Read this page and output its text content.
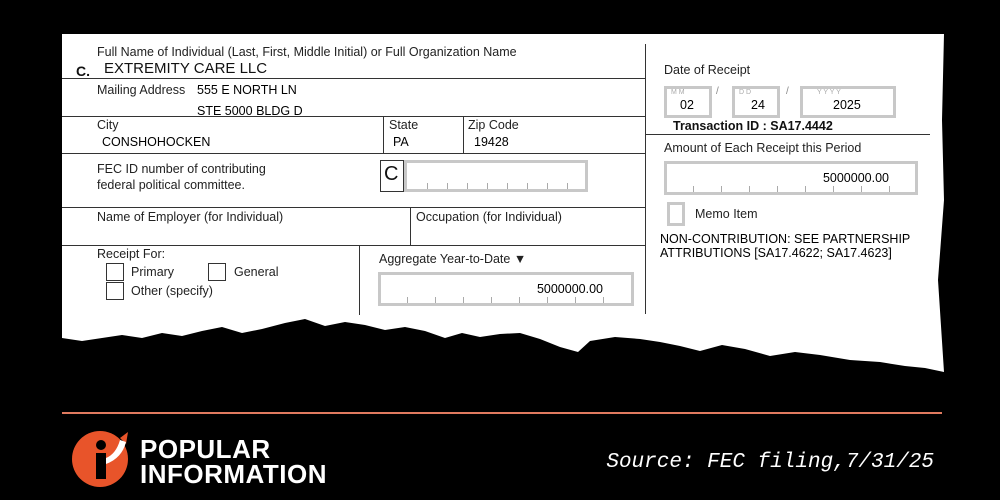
C.
Full Name of Individual (Last, First, Middle Initial) or Full Organization Name
EXTREMITY CARE LLC
Mailing Address 555 E NORTH LN
STE 5000 BLDG D
City
CONSHOHOCKEN
State
PA
Zip Code
19428
FEC ID number of contributing
federal political committee.	C
Name of Employer (for Individual)	Occupation (for Individual)
Receipt For:
Primary	General
Other (specify)
Aggregate Year-to-Date ▼
5000000.00
Date of Receipt
M M
02
/	D D
24
/	Y Y Y Y
2025
Transaction ID : SA17.4442
Amount of Each Receipt this Period
5000000.00
Memo Item
NON-CONTRIBUTION: SEE PARTNERSHIP
ATTRIBUTIONS [SA17.4622; SA17.4623]
POPULAR
INFORMATION	Source: FEC filing,7/31/25
